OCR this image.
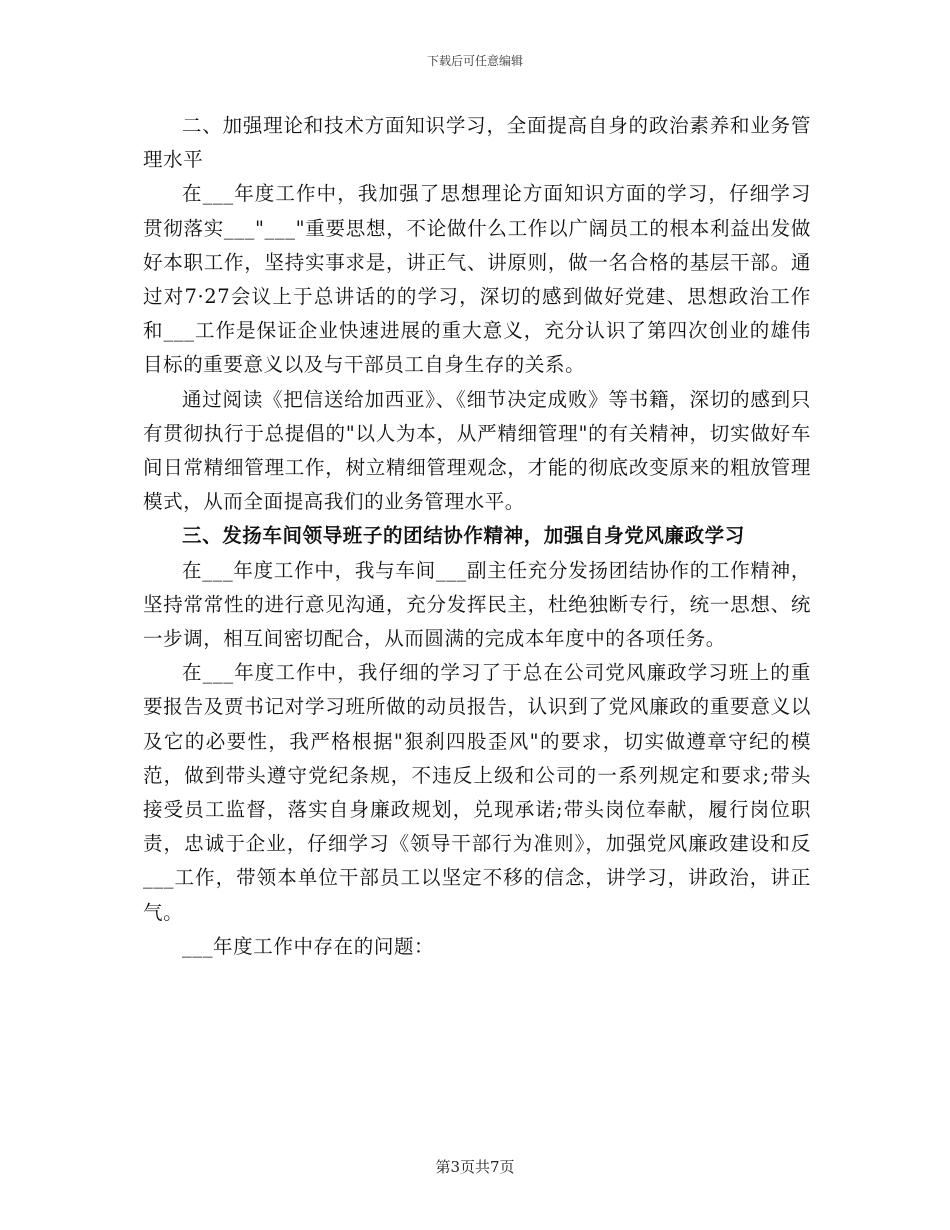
下载后可任意编辑

二、加强理论和技术方面知识学习，全面提高自身的政治素养和业务管理水平

在___年度工作中，我加强了思想理论方面知识方面的学习，仔细学习贯彻落实___"___"重要思想，不论做什么工作以广阔员工的根本利益出发做好本职工作，坚持实事求是，讲正气、讲原则，做一名合格的基层干部。通过对7·27会议上于总讲话的的学习，深切的感到做好党建、思想政治工作和___工作是保证企业快速进展的重大意义，充分认识了第四次创业的雄伟目标的重要意义以及与干部员工自身生存的关系。

通过阅读《把信送给加西亚》、《细节决定成败》等书籍，深切的感到只有贯彻执行于总提倡的"以人为本，从严精细管理"的有关精神，切实做好车间日常精细管理工作，树立精细管理观念，才能的彻底改变原来的粗放管理模式，从而全面提高我们的业务管理水平。

三、发扬车间领导班子的团结协作精神，加强自身党风廉政学习

在___年度工作中，我与车间___副主任充分发扬团结协作的工作精神，坚持常常性的进行意见沟通，充分发挥民主，杜绝独断专行，统一思想、统一步调，相互间密切配合，从而圆满的完成本年度中的各项任务。

在___年度工作中，我仔细的学习了于总在公司党风廉政学习班上的重要报告及贾书记对学习班所做的动员报告，认识到了党风廉政的重要意义以及它的必要性，我严格根据"狠刹四股歪风"的要求，切实做遵章守纪的模范，做到带头遵守党纪条规，不违反上级和公司的一系列规定和要求;带头接受员工监督，落实自身廉政规划，兑现承诺;带头岗位奉献，履行岗位职责，忠诚于企业，仔细学习《领导干部行为准则》，加强党风廉政建设和反___工作，带领本单位干部员工以坚定不移的信念，讲学习，讲政治，讲正气。

___年度工作中存在的问题：

第3页共7页
